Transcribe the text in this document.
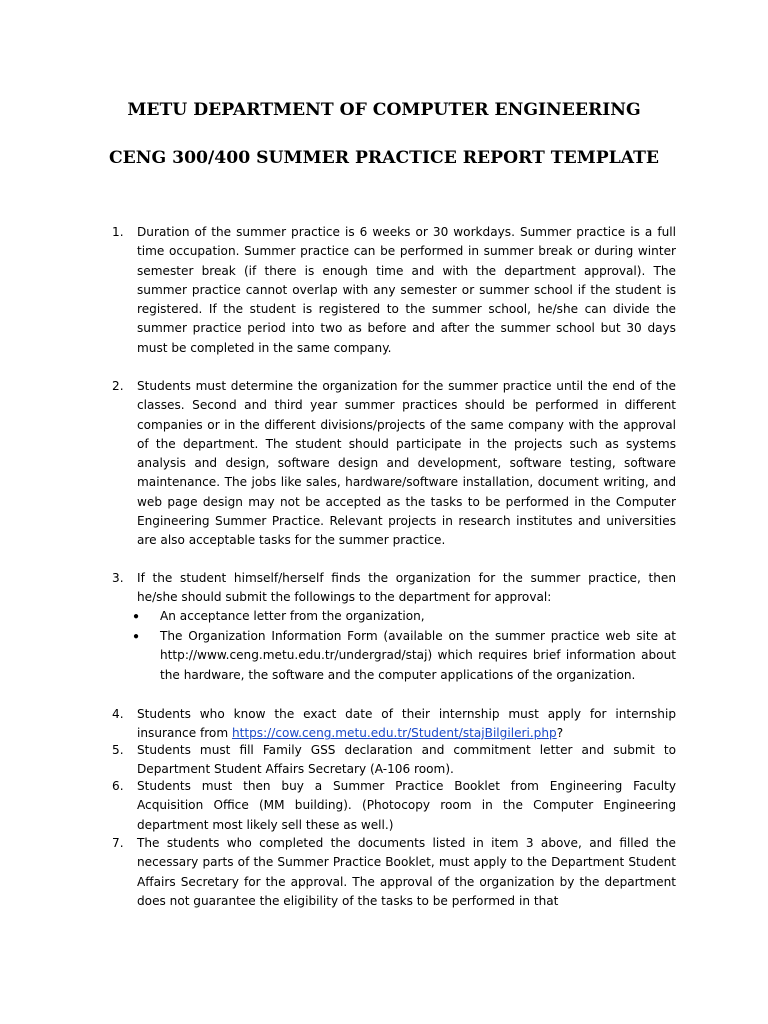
METU DEPARTMENT OF COMPUTER ENGINEERING
CENG 300/400 SUMMER PRACTICE REPORT TEMPLATE
1.	Duration of the summer practice is 6 weeks or 30 workdays. Summer practice is a full time occupation. Summer practice can be performed in summer break or during winter semester break (if there is enough time and with the department approval). The summer practice cannot overlap with any semester or summer school if the student is registered. If the student is registered to the summer school, he/she can divide the summer practice period into two as before and after the summer school but 30 days must be completed in the same company.
2.	Students must determine the organization for the summer practice until the end of the classes. Second and third year summer practices should be performed in different companies or in the different divisions/projects of the same company with the approval of the department. The student should participate in the projects such as systems analysis and design, software design and development, software testing, software maintenance. The jobs like sales, hardware/software installation, document writing, and web page design may not be accepted as the tasks to be performed in the Computer Engineering Summer Practice. Relevant projects in research institutes and universities are also acceptable tasks for the summer practice.
3.	If the student himself/herself finds the organization for the summer practice, then he/she should submit the followings to the department for approval:
●	An acceptance letter from the organization,
●	The Organization Information Form (available on the summer practice web site at http://www.ceng.metu.edu.tr/undergrad/staj) which requires brief information about the hardware, the software and the computer applications of the organization.
4.	Students who know the exact date of their internship must apply for internship insurance from https://cow.ceng.metu.edu.tr/Student/stajBilgileri.php?
5.	Students must fill Family GSS declaration and commitment letter and submit to Department Student Affairs Secretary (A-106 room).
6.	Students must then buy a Summer Practice Booklet from Engineering Faculty Acquisition Office (MM building). (Photocopy room in the Computer Engineering department most likely sell these as well.)
7.	The students who completed the documents listed in item 3 above, and filled the necessary parts of the Summer Practice Booklet, must apply to the Department Student Affairs Secretary for the approval. The approval of the organization by the department does not guarantee the eligibility of the tasks to be performed in that
